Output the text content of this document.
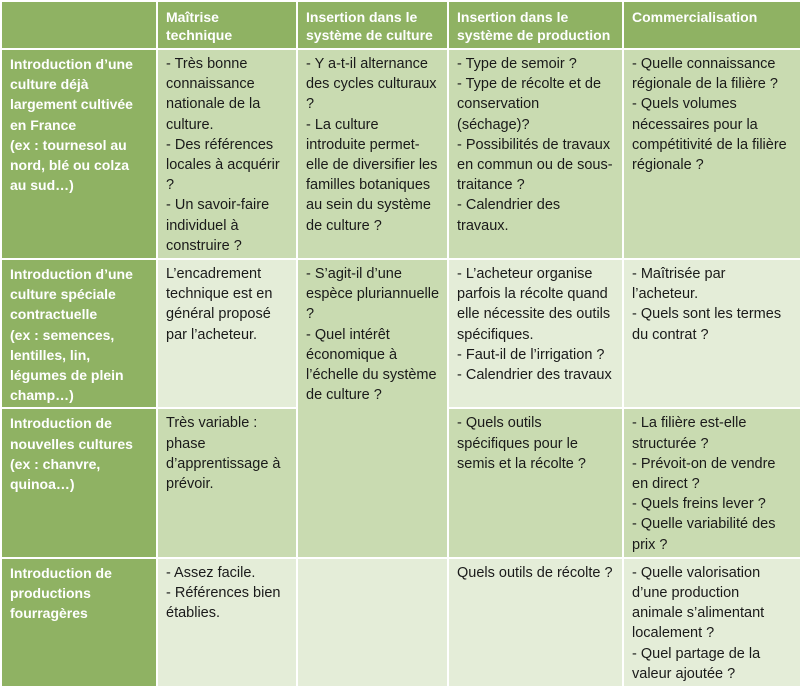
	Maîtrise technique	Insertion dans le système de culture	Insertion dans le système de production	Commercialisation

Introduction d’une culture déjà largement cultivée en France
(ex : tournesol au nord, blé ou colza au sud…)	- Très bonne connaissance nationale de la culture.
- Des références locales à acquérir ?
- Un savoir-faire individuel à construire ?	- Y a-t-il alternance des cycles culturaux ?
- La culture introduite permet-elle de diversifier les familles botaniques au sein du système de culture ?	- Type de semoir ?
- Type de récolte et de conservation (séchage)?
- Possibilités de travaux en commun ou de sous-traitance ?
- Calendrier des travaux.	- Quelle connaissance régionale de la filière ?
- Quels volumes nécessaires pour la compétitivité de la filière régionale ?

Introduction d’une culture spéciale contractuelle
(ex : semences, lentilles, lin, légumes de plein champ…)	L’encadrement technique est en général proposé par l’acheteur.	- S’agit-il d’une espèce pluriannuelle ?
- Quel intérêt économique à l’échelle du système de culture ?	- L’acheteur organise parfois la récolte quand elle nécessite des outils spécifiques.
- Faut-il de l’irrigation ?
- Calendrier des travaux	- Maîtrisée par l’acheteur.
- Quels sont les termes du contrat ?

Introduction de nouvelles cultures
(ex : chanvre, quinoa…)	Très variable : phase d’apprentissage à prévoir.		- Quels outils spécifiques pour le semis et la récolte ?	- La filière est-elle structurée ?
- Prévoit-on de vendre en direct ?
- Quels freins lever ?
- Quelle variabilité des prix ?

Introduction de productions fourragères	- Assez facile.
- Références bien établies.		Quels outils de récolte ?	- Quelle valorisation d’une production animale s’alimentant localement ?
- Quel partage de la valeur ajoutée ?
